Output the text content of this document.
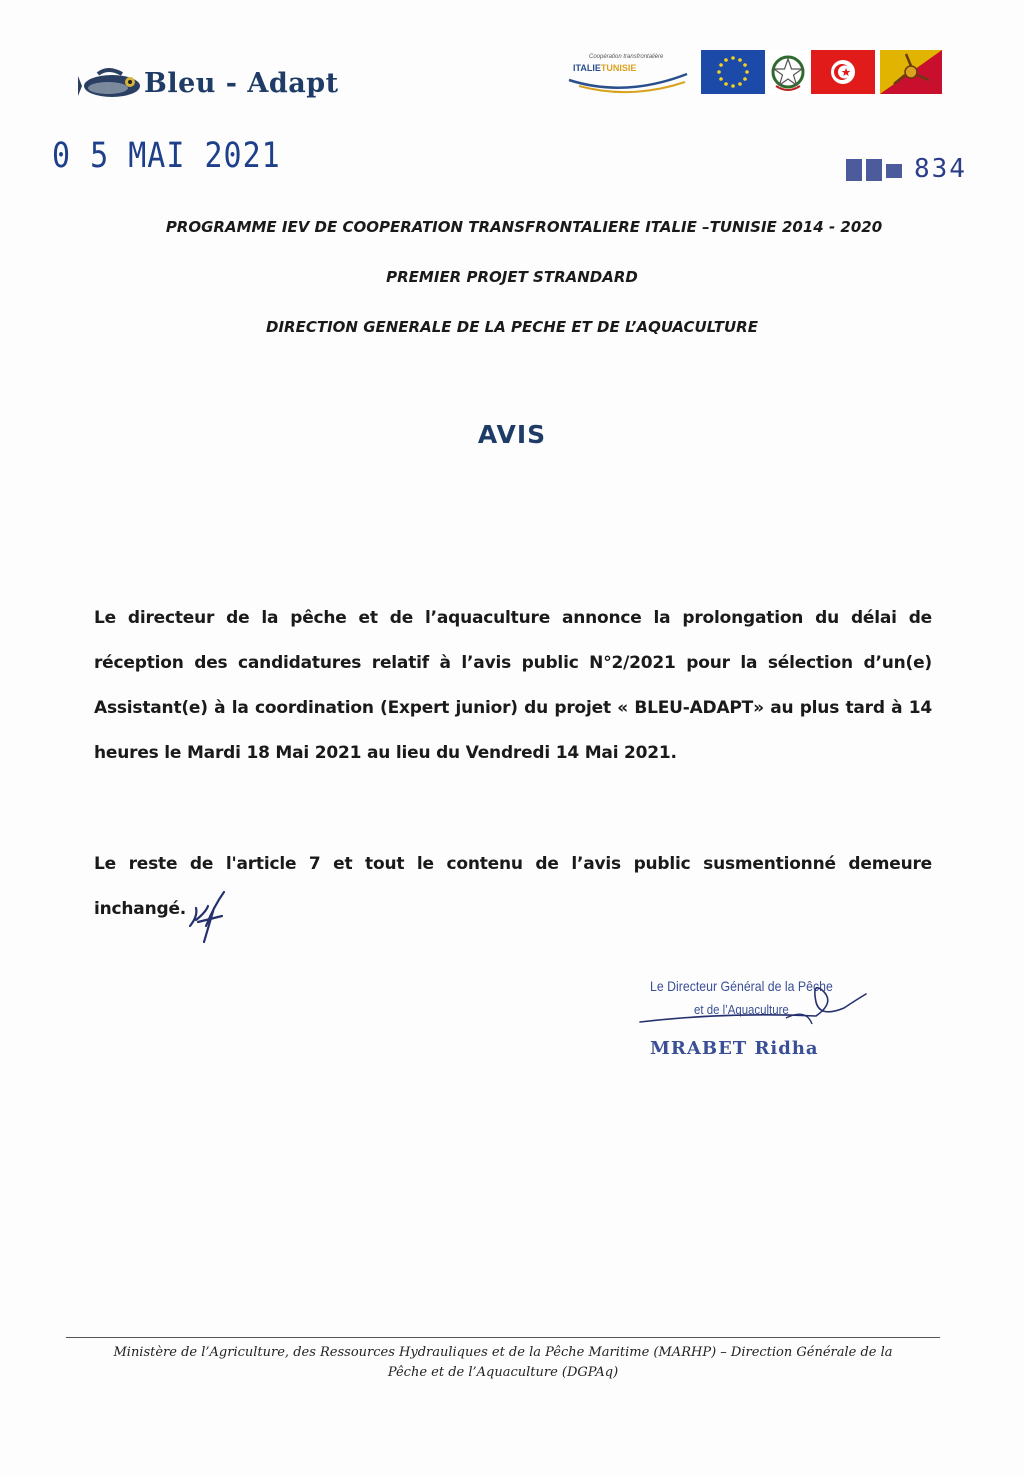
Bleu - Adapt
Coopération transfrontalière
ITALIETUNISIE
0 5 MAI 2021	834
PROGRAMME IEV DE COOPERATION TRANSFRONTALIERE ITALIE –TUNISIE 2014 - 2020
PREMIER PROJET STRANDARD
DIRECTION GENERALE DE LA PECHE ET DE L’AQUACULTURE
AVIS
Le directeur de la pêche et de l’aquaculture annonce la prolongation du délai de réception des candidatures relatif à l’avis public N°2/2021 pour la sélection d’un(e) Assistant(e) à la coordination (Expert junior) du projet « BLEU-ADAPT» au plus tard à 14 heures le Mardi 18 Mai 2021 au lieu du Vendredi 14 Mai 2021.
Le reste de l'article 7 et tout le contenu de l’avis public susmentionné demeure inchangé.
Le Directeur Général de la Pêche
et de l’Aquaculture
MRABET Ridha
Ministère de l’Agriculture, des Ressources Hydrauliques et de la Pêche Maritime (MARHP) – Direction Générale de la
Pêche et de l’Aquaculture (DGPAq)
